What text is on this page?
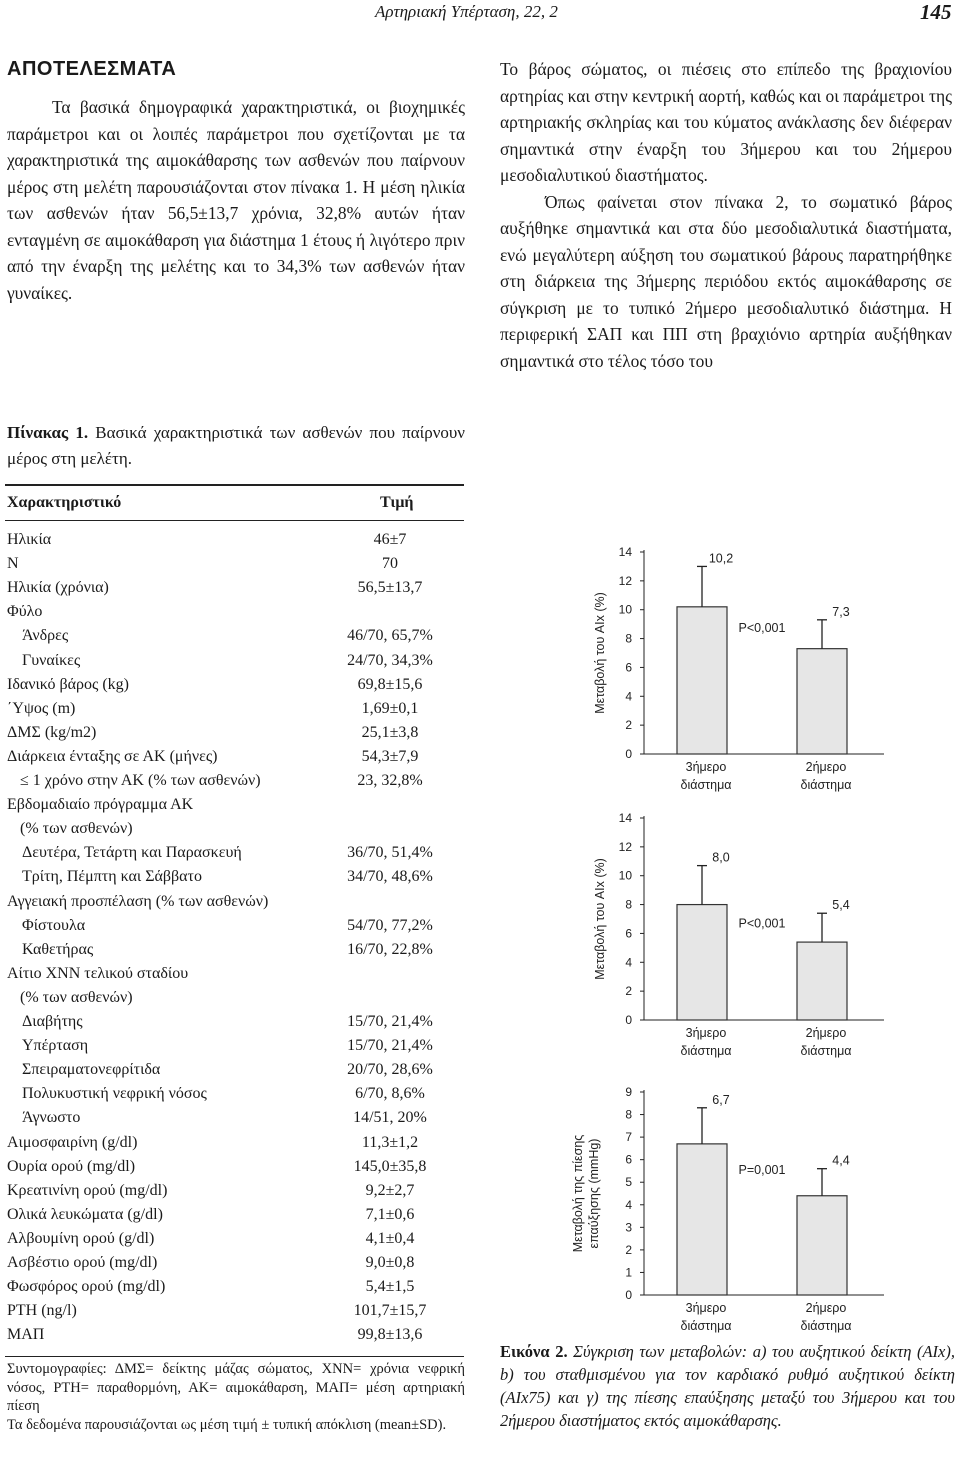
Αρτηριακή Υπέρταση, 22, 2	145
ΑΠΟΤΕΛΕΣΜΑΤΑ

Τα βασικά δημογραφικά χαρακτηριστικά, οι βιοχημικές παράμετροι και οι λοιπές παράμετροι που σχετίζονται με τα χαρακτηριστικά της αιμοκάθαρσης των ασθενών που παίρνουν μέρος στη μελέτη παρουσιάζονται στον πίνακα 1. Η μέση ηλικία των ασθενών ήταν 56,5±13,7 χρόνια, 32,8% αυτών ήταν ενταγμένη σε αιμοκάθαρση για διάστημα 1 έτους ή λιγότερο πριν από την έναρξη της μελέτης και το 34,3% των ασθενών ήταν γυναίκες.

Το βάρος σώματος, οι πιέσεις στο επίπεδο της βραχιονίου αρτηρίας και στην κεντρική αορτή, καθώς και οι παράμετροι της αρτηριακής σκληρίας και του κύματος ανάκλασης δεν διέφεραν σημαντικά στην έναρξη του 3ήμερου και του 2ήμερου μεσοδιαλυτικού διαστήματος.

Όπως φαίνεται στον πίνακα 2, το σωματικό βάρος αυξήθηκε σημαντικά και στα δύο μεσοδιαλυτικά διαστήματα, ενώ μεγαλύτερη αύξηση του σωματικού βάρους παρατηρήθηκε στη διάρκεια της 3ήμερης περιόδου εκτός αιμοκάθαρσης σε σύγκριση με το τυπικό 2ήμερο μεσοδιαλυτικό διάστημα. Η περιφερική ΣΑΠ και ΠΠ στη βραχιόνιο αρτηρία αυξήθηκαν σημαντικά στο τέλος τόσο του

Πίνακας 1. Βασικά χαρακτηριστικά των ασθενών που παίρνουν μέρος στη μελέτη.
Χαρακτηριστικό	Τιμή
Ηλικία	46±7
N	70
Ηλικία (χρόνια)	56,5±13,7
Φύλο
Άνδρες	46/70, 65,7%
Γυναίκες	24/70, 34,3%
Ιδανικό βάρος (kg)	69,8±15,6
΄Υψος (m)	1,69±0,1
ΔΜΣ (kg/m2)	25,1±3,8
Διάρκεια ένταξης σε ΑΚ (μήνες)	54,3±7,9
≤ 1 χρόνο στην ΑΚ (% των ασθενών)	23, 32,8%
Εβδομαδιαίο πρόγραμμα ΑΚ
(% των ασθενών)
Δευτέρα, Τετάρτη και Παρασκευή	36/70, 51,4%
Τρίτη, Πέμπτη και Σάββατο	34/70, 48,6%
Αγγειακή προσπέλαση (% των ασθενών)
Φίστουλα	54/70, 77,2%
Καθετήρας	16/70, 22,8%
Αίτιο ΧΝΝ τελικού σταδίου
(% των ασθενών)
Διαβήτης	15/70, 21,4%
Υπέρταση	15/70, 21,4%
Σπειραματονεφρίτιδα	20/70, 28,6%
Πολυκυστική νεφρική νόσος	6/70, 8,6%
Άγνωστο	14/51, 20%
Αιμοσφαιρίνη (g/dl)	11,3±1,2
Ουρία ορού (mg/dl)	145,0±35,8
Κρεατινίνη ορού (mg/dl)	9,2±2,7
Ολικά λευκώματα (g/dl)	7,1±0,6
Αλβουμίνη ορού (g/dl)	4,1±0,4
Ασβέστιο ορού (mg/dl)	9,0±0,8
Φωσφόρος ορού (mg/dl)	5,4±1,5
PTH (ng/l)	101,7±15,7
ΜΑΠ	99,8±13,6

Συντομογραφίες: ΔΜΣ= δείκτης μάζας σώματος, ΧΝΝ= χρόνια νεφρική νόσος, PTH= παραθορμόνη, ΑΚ= αιμοκάθαρση, ΜΑΠ= μέση αρτηριακή πίεση

Τα δεδομένα παρουσιάζονται ως μέση τιμή ± τυπική απόκλιση (mean±SD).

0
2
4
6
8
10
12
14
Μεταβολή του AIx (%)
10,2
3ήμερο
διάστημα
7,3
2ήμερο
διάστημα
P<0,001
0
2
4
6
8
10
12
14
Μεταβολή του AIx (%)
8,0
3ήμερο
διάστημα
5,4
2ήμερο
διάστημα
P<0,001
0
1
2
3
4
5
6
7
8
9
Μεταβολή της πίεσης επαύξησης (mmHg)
6,7
3ήμερο
διάστημα
4,4
2ήμερο
διάστημα
P=0,001
Εικόνα 2. Σύγκριση των μεταβολών: a) του αυξητικού δείκτη (AIx), b) του σταθμισμένου για τον καρδιακό ρυθμό αυξητικού δείκτη (AIx75) και γ) της πίεσης επαύξησης μεταξύ του 3ήμερου και του 2ήμερου διαστήματος εκτός αιμοκάθαρσης.
